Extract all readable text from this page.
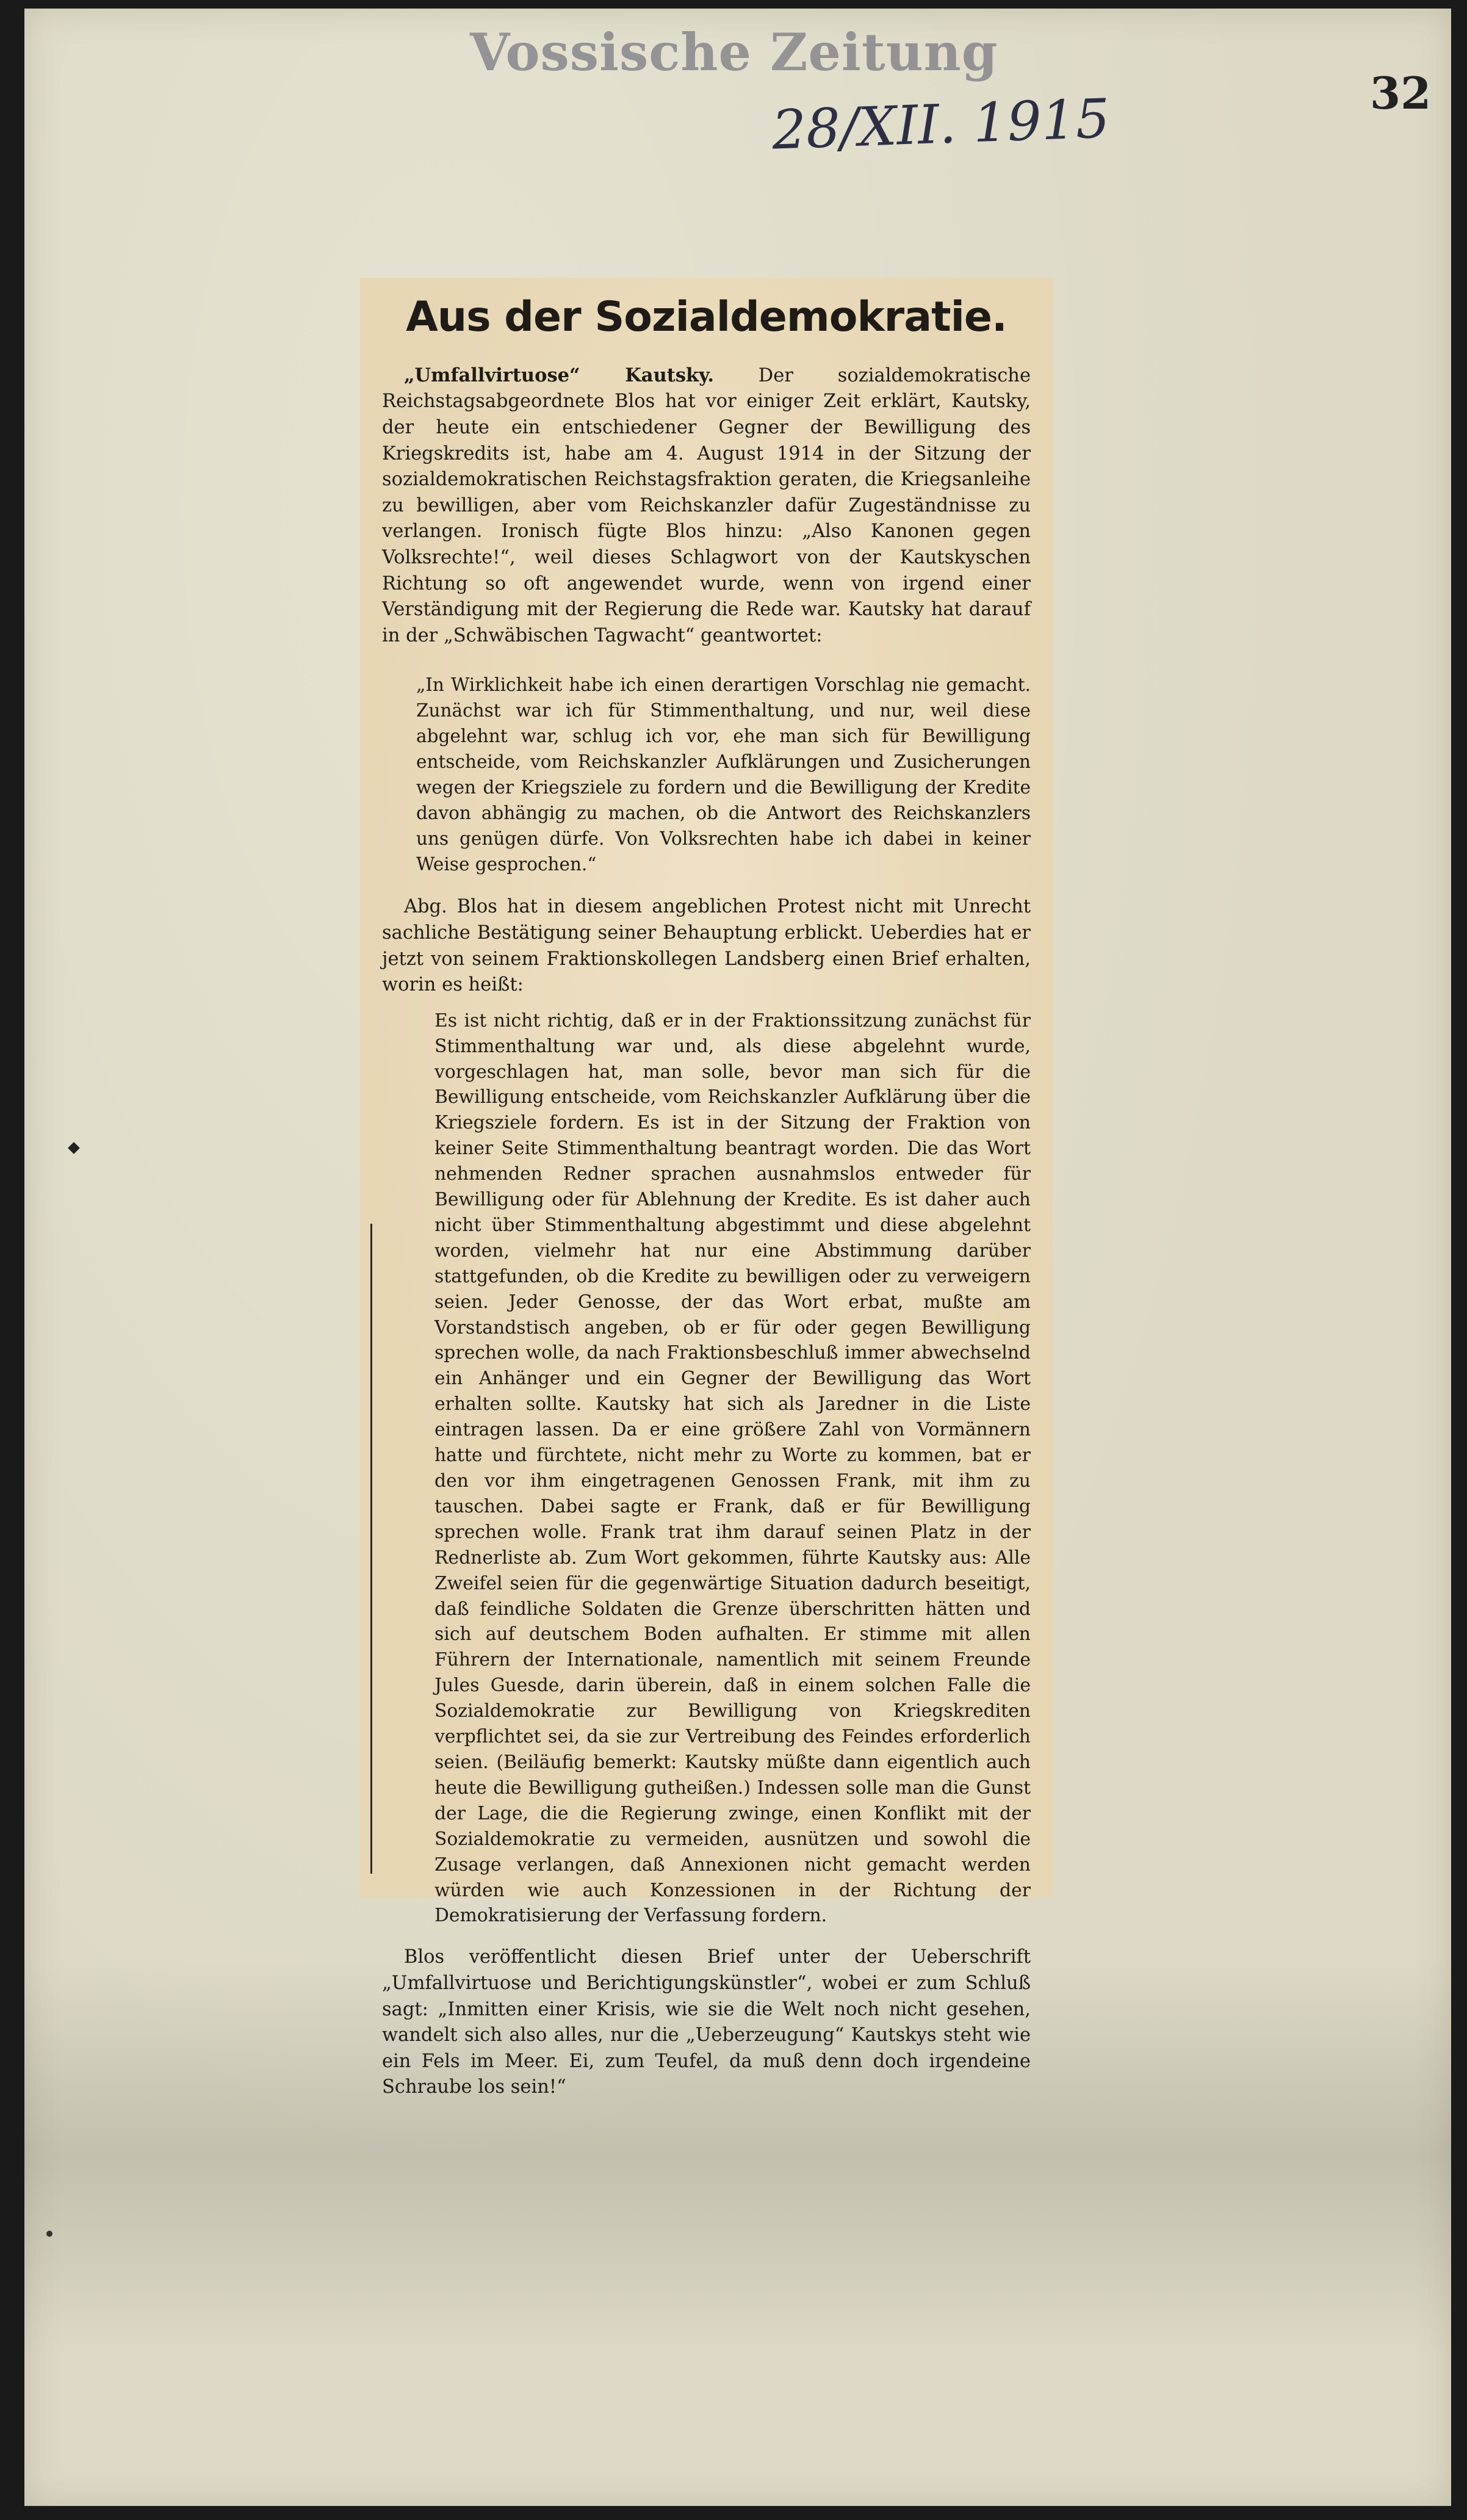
Vossische Zeitung
28/XII. 1915	32
Aus der Sozialdemokratie.

„Umfallvirtuose“ Kautsky. Der sozialdemokratische Reichstagsabgeordnete Blos hat vor einiger Zeit erklärt, Kautsky, der heute ein entschiedener Gegner der Bewilligung des Kriegskredits ist, habe am 4. August 1914 in der Sitzung der sozialdemokratischen Reichstagsfraktion geraten, die Kriegsanleihe zu bewilligen, aber vom Reichskanzler dafür Zugeständnisse zu verlangen. Ironisch fügte Blos hinzu: „Also Kanonen gegen Volksrechte!“, weil dieses Schlagwort von der Kautskyschen Richtung so oft angewendet wurde, wenn von irgend einer Verständigung mit der Regierung die Rede war. Kautsky hat darauf in der „Schwäbischen Tagwacht“ geantwortet:

„In Wirklichkeit habe ich einen derartigen Vorschlag nie gemacht. Zunächst war ich für Stimmenthaltung, und nur, weil diese abgelehnt war, schlug ich vor, ehe man sich für Bewilligung entscheide, vom Reichskanzler Aufklärungen und Zusicherungen wegen der Kriegsziele zu fordern und die Bewilligung der Kredite davon abhängig zu machen, ob die Antwort des Reichskanzlers uns genügen dürfe. Von Volksrechten habe ich dabei in keiner Weise gesprochen.“

Abg. Blos hat in diesem angeblichen Protest nicht mit Unrecht sachliche Bestätigung seiner Behauptung erblickt. Ueberdies hat er jetzt von seinem Fraktionskollegen Landsberg einen Brief erhalten, worin es heißt:

Es ist nicht richtig, daß er in der Fraktionssitzung zunächst für Stimmenthaltung war und, als diese abgelehnt wurde, vorgeschlagen hat, man solle, bevor man sich für die Bewilligung entscheide, vom Reichskanzler Aufklärung über die Kriegsziele fordern. Es ist in der Sitzung der Fraktion von keiner Seite Stimmenthaltung beantragt worden. Die das Wort nehmenden Redner sprachen ausnahmslos entweder für Bewilligung oder für Ablehnung der Kredite. Es ist daher auch nicht über Stimmenthaltung abgestimmt und diese abgelehnt worden, vielmehr hat nur eine Abstimmung darüber stattgefunden, ob die Kredite zu bewilligen oder zu verweigern seien. Jeder Genosse, der das Wort erbat, mußte am Vorstandstisch angeben, ob er für oder gegen Bewilligung sprechen wolle, da nach Fraktionsbeschluß immer abwechselnd ein Anhänger und ein Gegner der Bewilligung das Wort erhalten sollte. Kautsky hat sich als Jaredner in die Liste eintragen lassen. Da er eine größere Zahl von Vormännern hatte und fürchtete, nicht mehr zu Worte zu kommen, bat er den vor ihm eingetragenen Genossen Frank, mit ihm zu tauschen. Dabei sagte er Frank, daß er für Bewilligung sprechen wolle. Frank trat ihm darauf seinen Platz in der Rednerliste ab. Zum Wort gekommen, führte Kautsky aus: Alle Zweifel seien für die gegenwärtige Situation dadurch beseitigt, daß feindliche Soldaten die Grenze überschritten hätten und sich auf deutschem Boden aufhalten. Er stimme mit allen Führern der Internationale, namentlich mit seinem Freunde Jules Guesde, darin überein, daß in einem solchen Falle die Sozialdemokratie zur Bewilligung von Kriegskrediten verpflichtet sei, da sie zur Vertreibung des Feindes erforderlich seien. (Beiläufig bemerkt: Kautsky müßte dann eigentlich auch heute die Bewilligung gutheißen.) Indessen solle man die Gunst der Lage, die die Regierung zwinge, einen Konflikt mit der Sozialdemokratie zu vermeiden, ausnützen und sowohl die Zusage verlangen, daß Annexionen nicht gemacht werden würden wie auch Konzessionen in der Richtung der Demokratisierung der Verfassung fordern.

Blos veröffentlicht diesen Brief unter der Ueberschrift „Umfallvirtuose und Berichtigungskünstler“, wobei er zum Schluß sagt: „Inmitten einer Krisis, wie sie die Welt noch nicht gesehen, wandelt sich also alles, nur die „Ueberzeugung“ Kautskys steht wie ein Fels im Meer. Ei, zum Teufel, da muß denn doch irgendeine Schraube los sein!“
